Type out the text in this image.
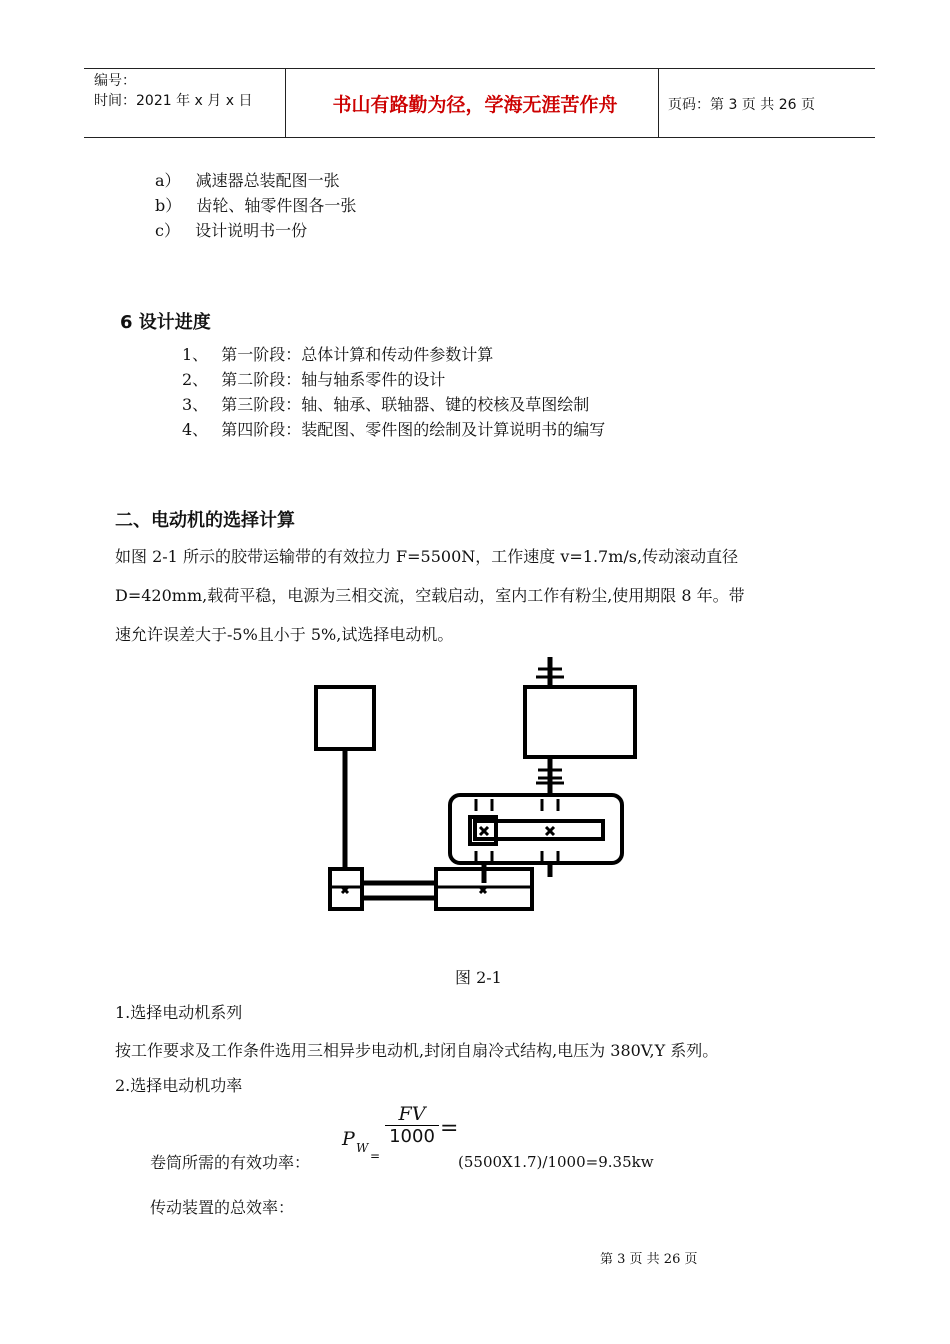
编号：
时间：2021 年 x 月 x 日	书山有路勤为径，学海无涯苦作舟	页码：第 3 页 共 26 页
a） 减速器总装配图一张
b） 齿轮、轴零件图各一张
c） 设计说明书一份
6 设计进度
1、 第一阶段：总体计算和传动件参数计算
2、 第二阶段：轴与轴系零件的设计
3、 第三阶段：轴、轴承、联轴器、键的校核及草图绘制
4、 第四阶段：装配图、零件图的绘制及计算说明书的编写
二、电动机的选择计算
如图 2-1 所示的胶带运输带的有效拉力 F=5500N，工作速度 v=1.7m/s,传动滚动直径
D=420mm,载荷平稳，电源为三相交流，空载启动，室内工作有粉尘,使用期限 8 年。带
速允许误差大于-5%且小于 5%,试选择电动机。
图 2-1
1.选择电动机系列
按工作要求及工作条件选用三相异步电动机,封闭自扇冷式结构,电压为 380V,Y 系列。
2.选择电动机功率
卷筒所需的有效功率：
P W
=
$\frac{FV}{1000}$ =
(5500X1.7)/1000=9.35kw
传动装置的总效率：
第 3 页 共 26 页
